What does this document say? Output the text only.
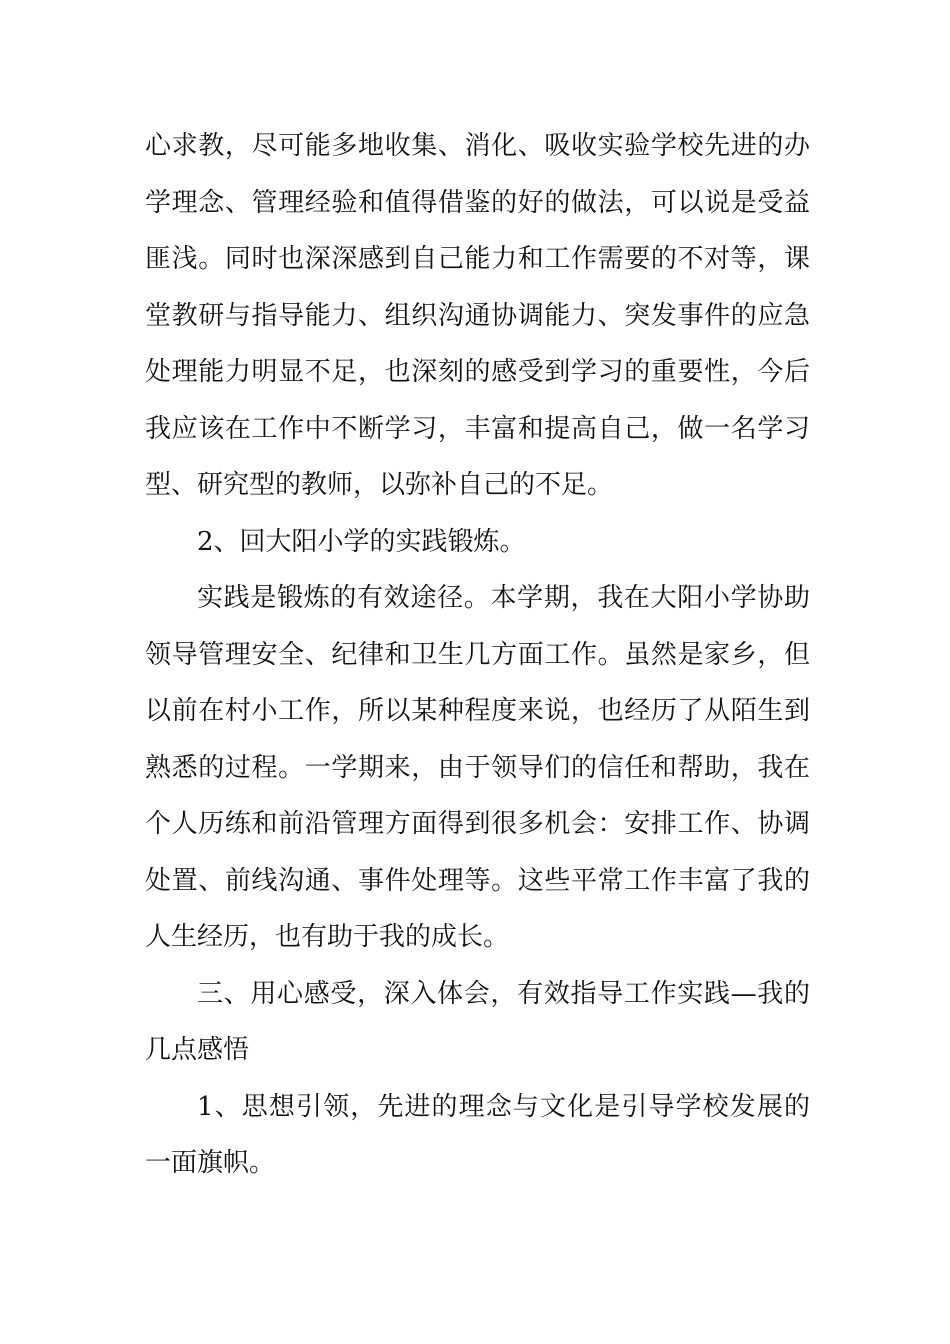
心求教，尽可能多地收集、消化、吸收实验学校先进的办学理念、管理经验和值得借鉴的好的做法，可以说是受益匪浅。同时也深深感到自己能力和工作需要的不对等，课堂教研与指导能力、组织沟通协调能力、突发事件的应急处理能力明显不足，也深刻的感受到学习的重要性，今后我应该在工作中不断学习，丰富和提高自己，做一名学习型、研究型的教师，以弥补自己的不足。

2、回大阳小学的实践锻炼。

实践是锻炼的有效途径。本学期，我在大阳小学协助领导管理安全、纪律和卫生几方面工作。虽然是家乡，但以前在村小工作，所以某种程度来说，也经历了从陌生到熟悉的过程。一学期来，由于领导们的信任和帮助，我在个人历练和前沿管理方面得到很多机会：安排工作、协调处置、前线沟通、事件处理等。这些平常工作丰富了我的人生经历，也有助于我的成长。

三、用心感受，深入体会，有效指导工作实践—我的几点感悟

1、思想引领，先进的理念与文化是引导学校发展的一面旗帜。
